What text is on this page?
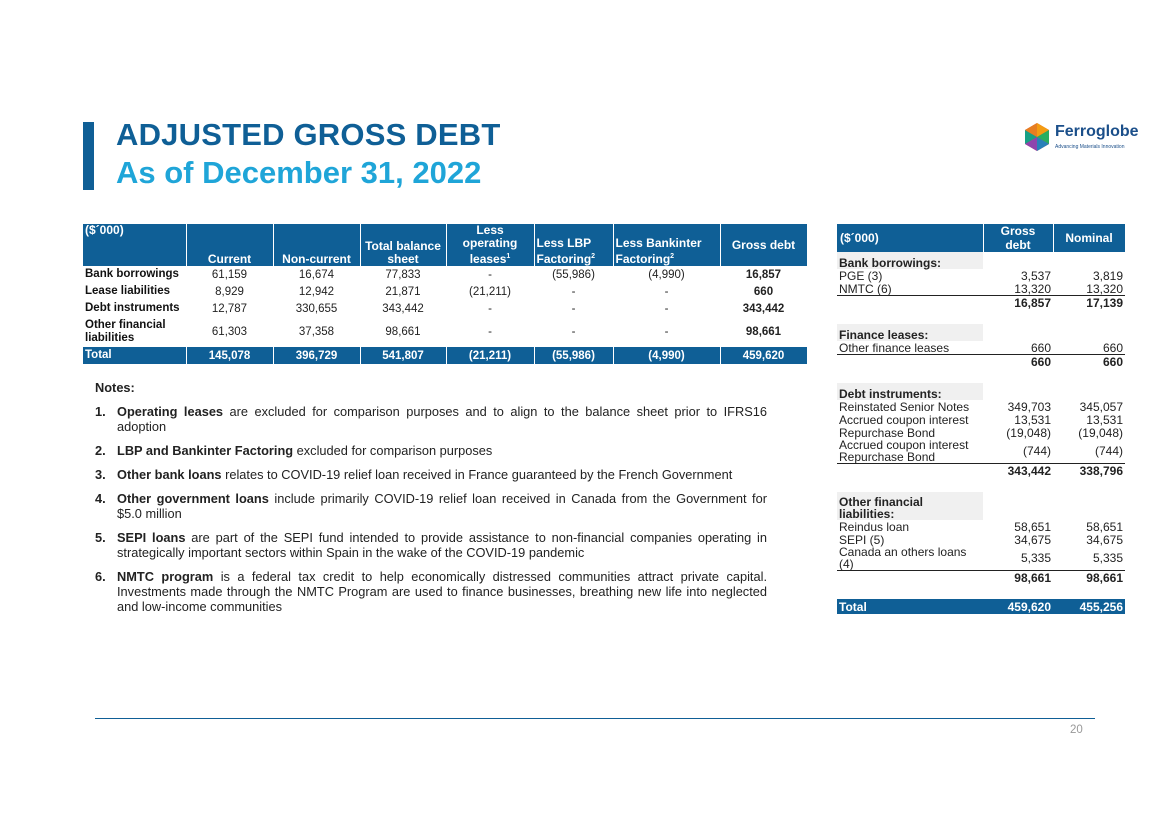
ADJUSTED GROSS DEBT
As of December 31, 2022
Ferroglobe
Advancing Materials Innovation
($´000)	Current	Non-current	Total balance sheet	Less operating leases$^1$	Less LBP Factoring$^2$	Less Bankinter Factoring$^2$	Gross debt
Bank borrowings	61,159	16,674	77,833	-	(55,986)	(4,990)	16,857
Lease liabilities	8,929	12,942	21,871	(21,211)	-	-	660
Debt instruments	12,787	330,655	343,442	-	-	-	343,442
Other financial liabilities	61,303	37,358	98,661	-	-	-	98,661
Total	145,078	396,729	541,807	(21,211)	(55,986)	(4,990)	459,620
($´000)	Gross debt	Nominal
Bank borrowings:		
PGE (3)	3,537	3,819
NMTC (6)	13,320	13,320
	16,857	17,139

Finance leases:		
Other finance leases	660	660
	660	660

Debt instruments:		
Reinstated Senior Notes	349,703	345,057
Accrued coupon interest	13,531	13,531
Repurchase Bond	(19,048)	(19,048)
Accrued coupon interest Repurchase Bond	(744)	(744)
	343,442	338,796

Other financial liabilities:		
Reindus loan	58,651	58,651
SEPI (5)	34,675	34,675
Canada an others loans (4)	5,335	5,335
	98,661	98,661

Total	459,620	455,256
Notes:
1. Operating leases are excluded for comparison purposes and to align to the balance sheet prior to IFRS16 adoption
2. LBP and Bankinter Factoring excluded for comparison purposes
3. Other bank loans relates to COVID-19 relief loan received in France guaranteed by the French Government
4. Other government loans include primarily COVID-19 relief loan received in Canada from the Government for $5.0 million
5. SEPI loans are part of the SEPI fund intended to provide assistance to non-financial companies operating in strategically important sectors within Spain in the wake of the COVID-19 pandemic
6. NMTC program is a federal tax credit to help economically distressed communities attract private capital. Investments made through the NMTC Program are used to finance businesses, breathing new life into neglected and low-income communities
20
